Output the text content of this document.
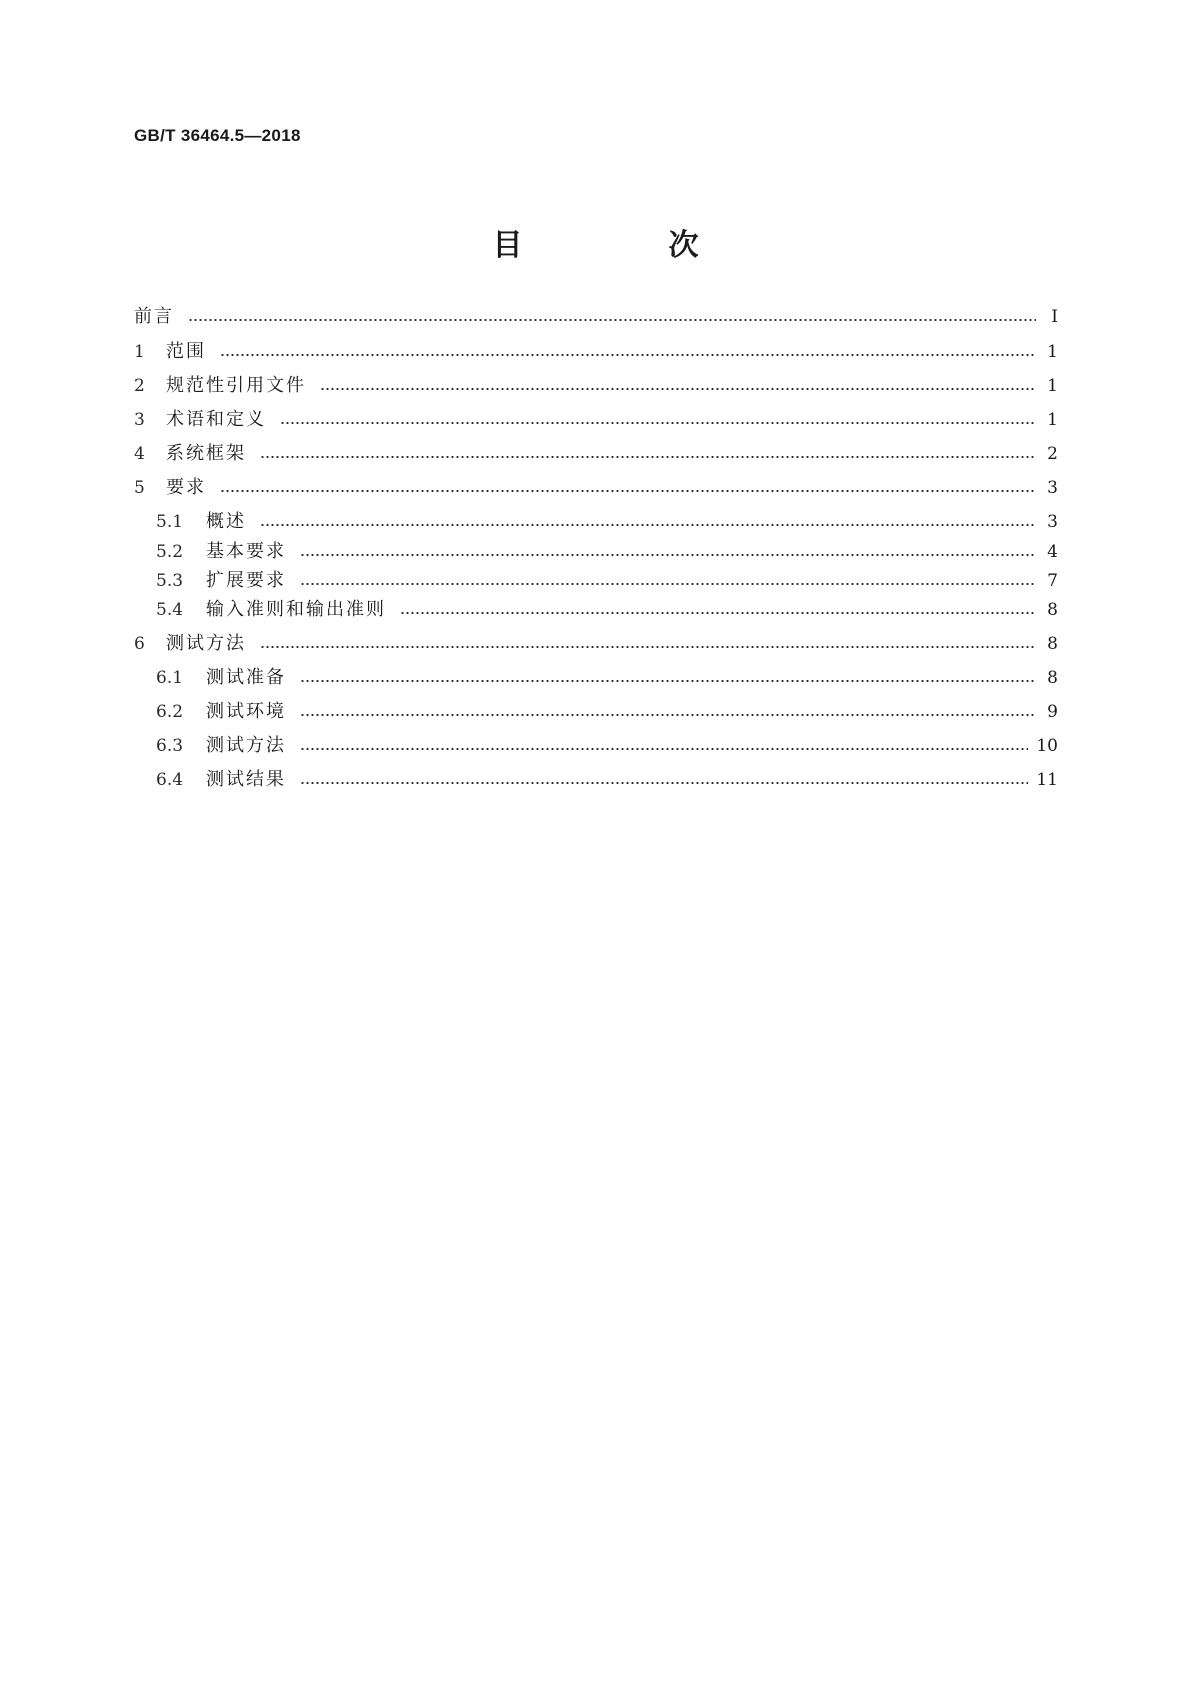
GB/T 36464.5—2018
目　次
前言	Ⅰ
1	范围	1
2	规范性引用文件	1
3	术语和定义	1
4	系统框架	2
5	要求	3
5.1	概述	3
5.2	基本要求	4
5.3	扩展要求	7
5.4	输入准则和输出准则	8
6	测试方法	8
6.1	测试准备	8
6.2	测试环境	9
6.3	测试方法	10
6.4	测试结果	11
